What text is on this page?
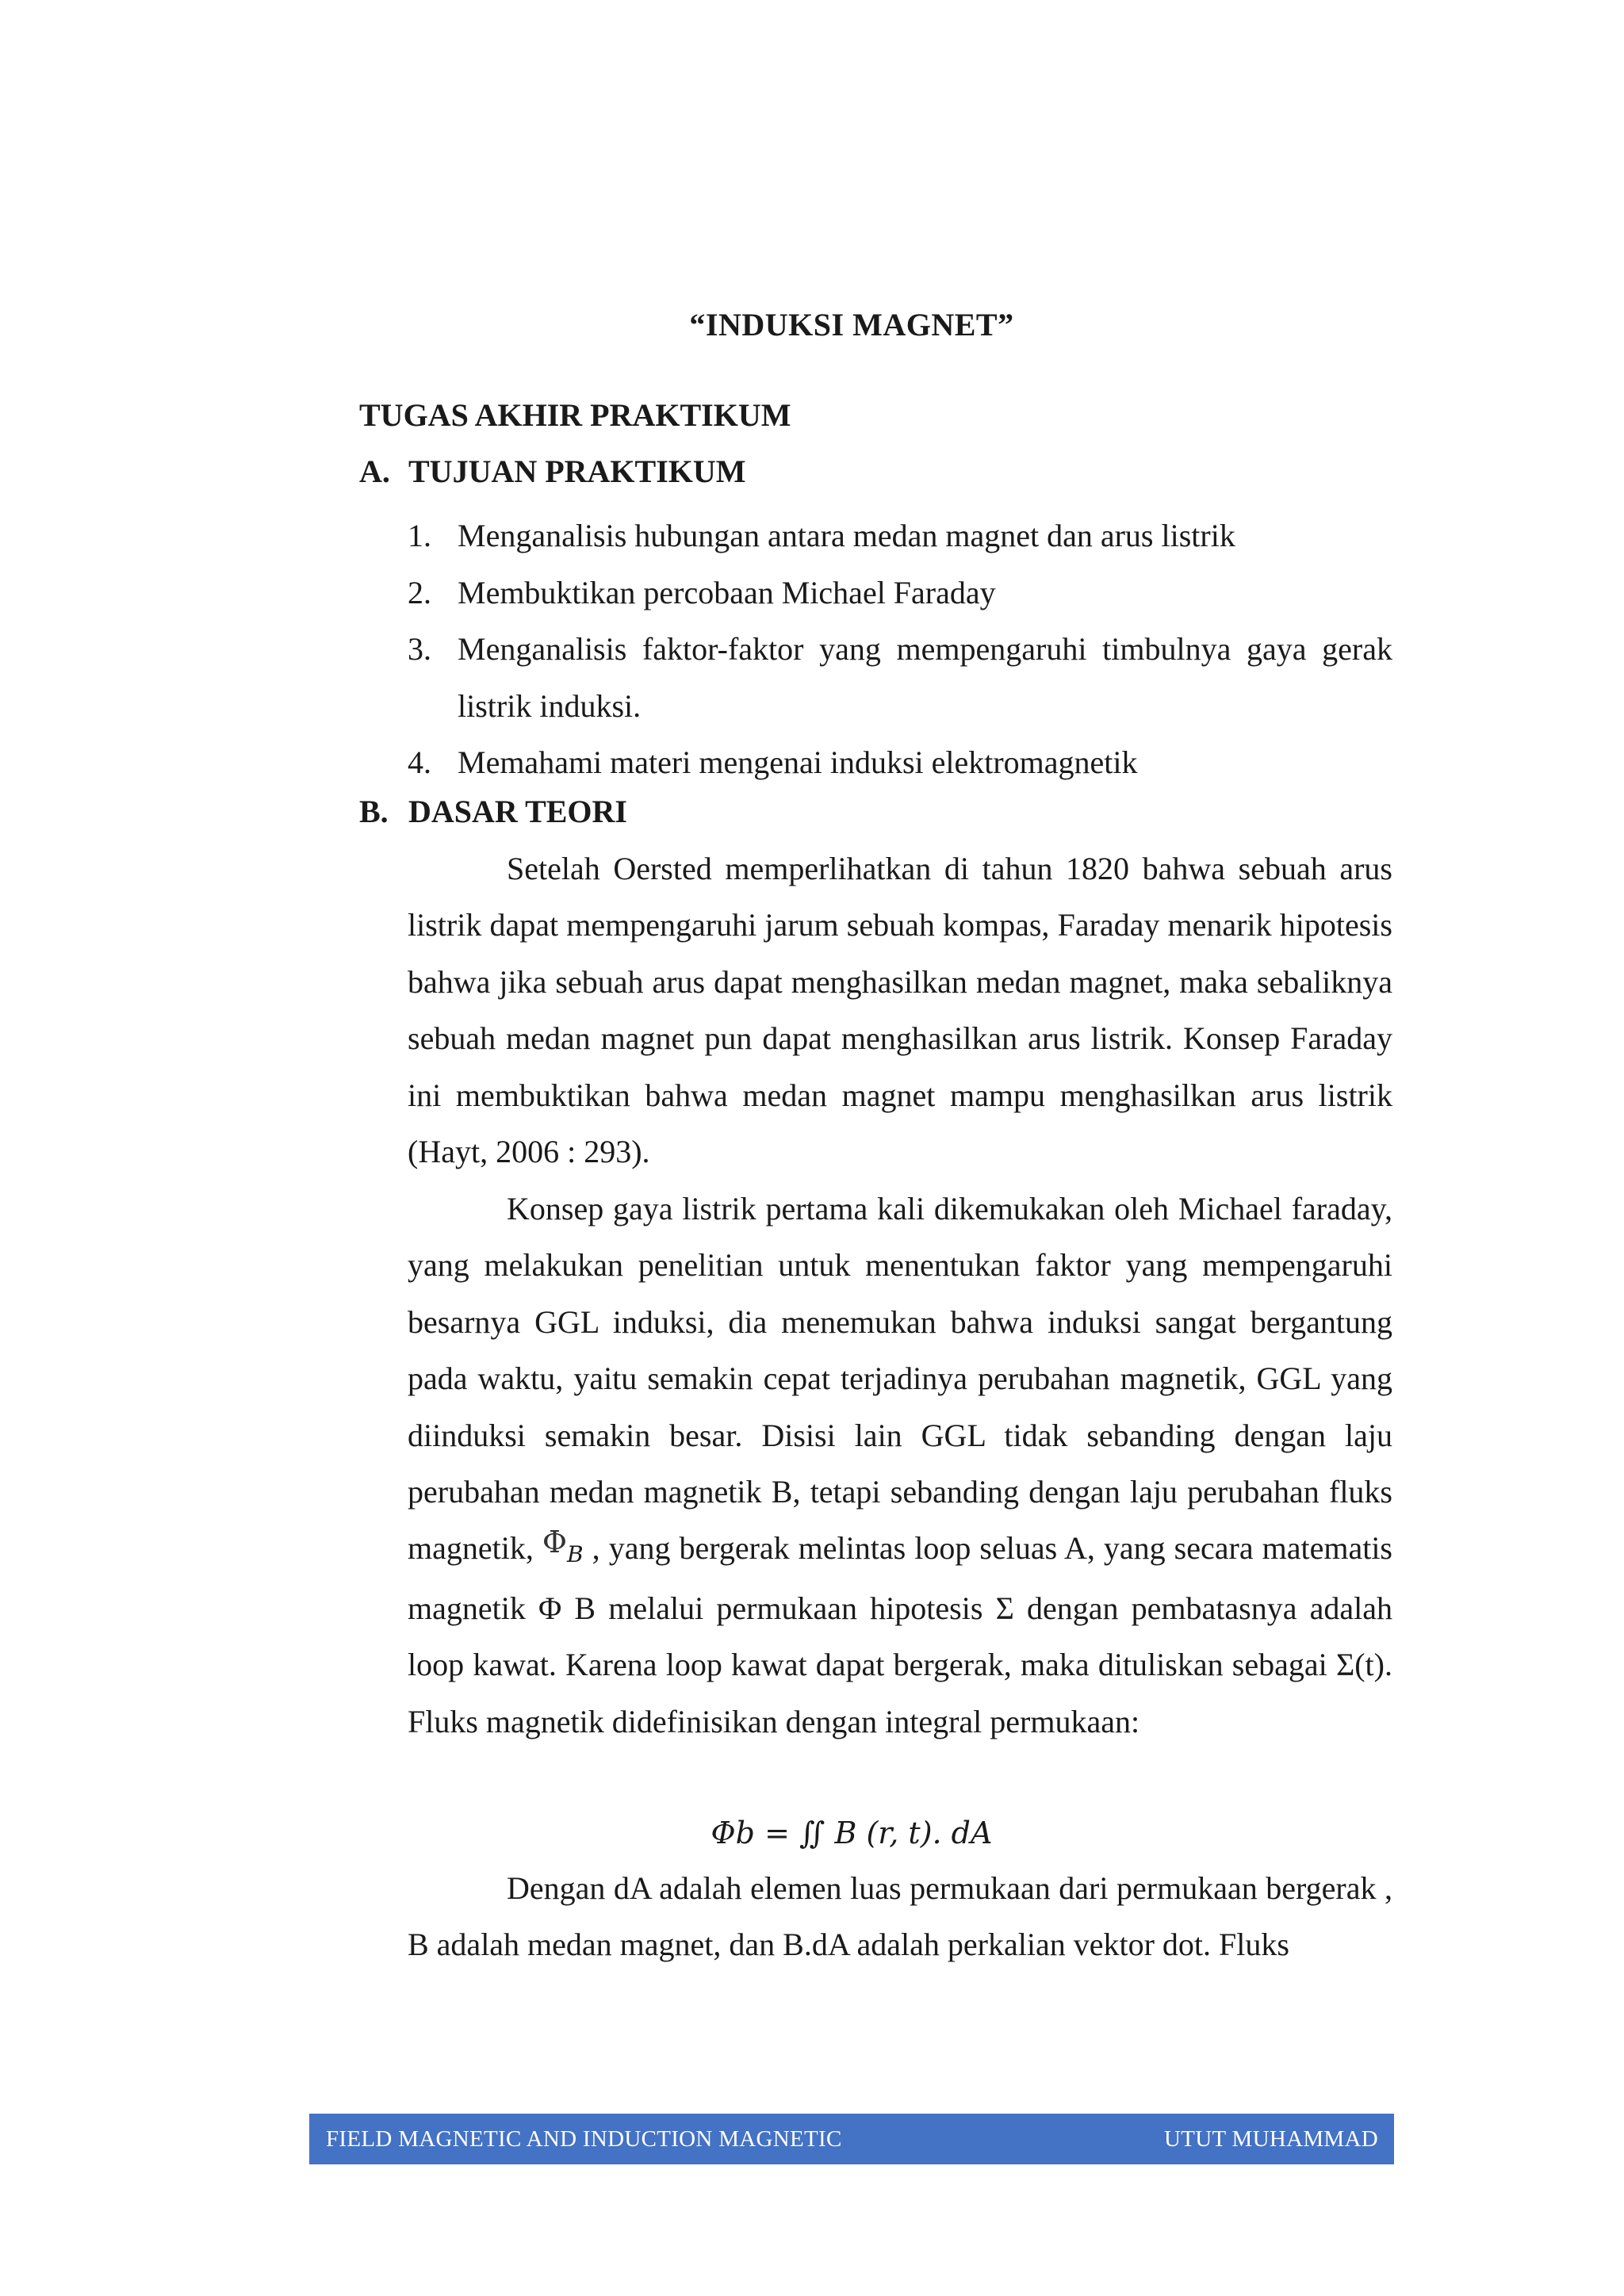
“INDUKSI MAGNET”
TUGAS AKHIR PRAKTIKUM
A. TUJUAN PRAKTIKUM
1. Menganalisis hubungan antara medan magnet dan arus listrik
2. Membuktikan percobaan Michael Faraday
3. Menganalisis faktor-faktor yang mempengaruhi timbulnya gaya gerak listrik induksi.
4. Memahami materi mengenai induksi elektromagnetik
B. DASAR TEORI
Setelah Oersted memperlihatkan di tahun 1820 bahwa sebuah arus listrik dapat mempengaruhi jarum sebuah kompas, Faraday menarik hipotesis bahwa jika sebuah arus dapat menghasilkan medan magnet, maka sebaliknya sebuah medan magnet pun dapat menghasilkan arus listrik. Konsep Faraday ini membuktikan bahwa medan magnet mampu menghasilkan arus listrik (Hayt, 2006 : 293).
Konsep gaya listrik pertama kali dikemukakan oleh Michael faraday, yang melakukan penelitian untuk menentukan faktor yang mempengaruhi besarnya GGL induksi, dia menemukan bahwa induksi sangat bergantung pada waktu, yaitu semakin cepat terjadinya perubahan magnetik, GGL yang diinduksi semakin besar. Disisi lain GGL tidak sebanding dengan laju perubahan medan magnetik B, tetapi sebanding dengan laju perubahan fluks magnetik, ΦB , yang bergerak melintas loop seluas A, yang secara matematis magnetik Φ B melalui permukaan hipotesis Σ dengan pembatasnya adalah loop kawat. Karena loop kawat dapat bergerak, maka dituliskan sebagai Σ(t). Fluks magnetik didefinisikan dengan integral permukaan:
Φb = ∬ B (r, t). dA
Dengan dA adalah elemen luas permukaan dari permukaan bergerak , B adalah medan magnet, dan B.dA adalah perkalian vektor dot. Fluks
FIELD MAGNETIC AND INDUCTION MAGNETIC	UTUT MUHAMMAD
